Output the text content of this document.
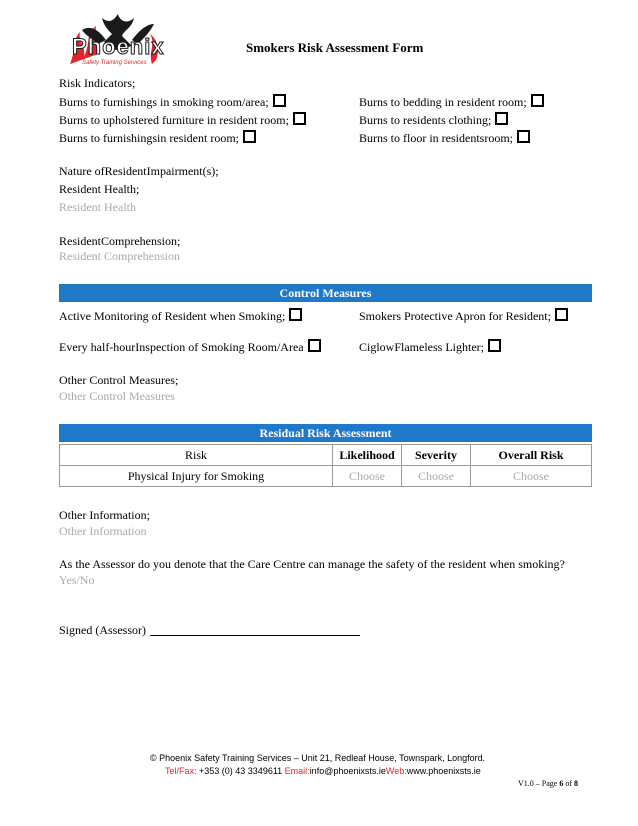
Phoenix
Safety Training Services
Smokers Risk Assessment Form
Risk Indicators;
Burns to furnishings in smoking room/area;
Burns to upholstered furniture in resident room;
Burns to furnishingsin resident room;
Burns to bedding in resident room;
Burns to residents clothing;
Burns to floor in residentsroom;
Nature ofResidentImpairment(s);
Resident Health;
Resident Health
ResidentComprehension;
Resident Comprehension
Control Measures
Active Monitoring of Resident when Smoking;	Smokers Protective Apron for Resident;
Every half-hourInspection of Smoking Room/Area	CiglowFlameless Lighter;
Other Control Measures;
Other Control Measures
Residual Risk Assessment
Risk	Likelihood	Severity	Overall Risk
Physical Injury for Smoking	Choose	Choose	Choose
Other Information;
Other Information
As the Assessor do you denote that the Care Centre can manage the safety of the resident when smoking?
Yes/No
Signed (Assessor)
© Phoenix Safety Training Services – Unit 21, Redleaf House, Townspark, Longford.
Tel/Fax: +353 (0) 43 3349611 Email:info@phoenixsts.ieWeb:www.phoenixsts.ie
V1.0 – Page 6 of 8
